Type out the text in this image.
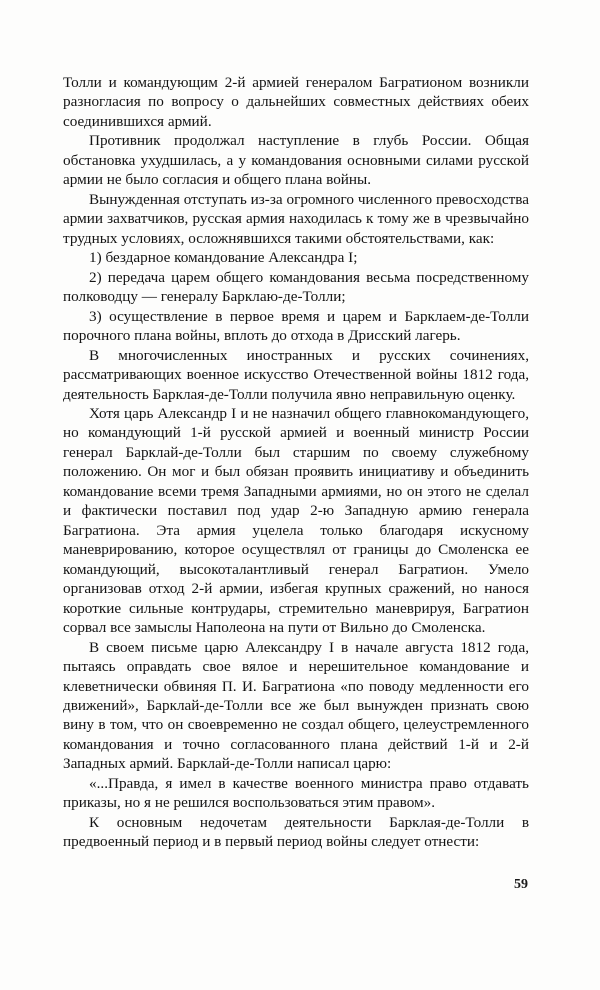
Толли и командующим 2-й армией генералом Багратионом возникли разногласия по вопросу о дальнейших совместных действиях обеих соединившихся армий.

Противник продолжал наступление в глубь России. Общая обстановка ухудшилась, а у командования основными силами русской армии не было согласия и общего плана войны.

Вынужденная отступать из-за огромного численного превосходства армии захватчиков, русская армия находилась к тому же в чрезвычайно трудных условиях, осложнявшихся такими обстоятельствами, как:

1) бездарное командование Александра I;

2) передача царем общего командования весьма посредственному полководцу — генералу Барклаю-де-Толли;

3) осуществление в первое время и царем и Барклаем-де-Толли порочного плана войны, вплоть до отхода в Дрисский лагерь.

В многочисленных иностранных и русских сочинениях, рассматривающих военное искусство Отечественной войны 1812 года, деятельность Барклая-де-Толли получила явно неправильную оценку.

Хотя царь Александр I и не назначил общего главнокомандующего, но командующий 1-й русской армией и военный министр России генерал Барклай-де-Толли был старшим по своему служебному положению. Он мог и был обязан проявить инициативу и объединить командование всеми тремя Западными армиями, но он этого не сделал и фактически поставил под удар 2-ю Западную армию генерала Багратиона. Эта армия уцелела только благодаря искусному маневрированию, которое осуществлял от границы до Смоленска ее командующий, высокоталантливый генерал Багратион. Умело организовав отход 2-й армии, избегая крупных сражений, но нанося короткие сильные контрудары, стремительно маневрируя, Багратион сорвал все замыслы Наполеона на пути от Вильно до Смоленска.

В своем письме царю Александру I в начале августа 1812 года, пытаясь оправдать свое вялое и нерешительное командование и клеветнически обвиняя П. И. Багратиона «по поводу медленности его движений», Барклай-де-Толли все же был вынужден признать свою вину в том, что он своевременно не создал общего, целеустремленного командования и точно согласованного плана действий 1-й и 2-й Западных армий. Барклай-де-Толли написал царю:

«...Правда, я имел в качестве военного министра право отдавать приказы, но я не решился воспользоваться этим правом».

К основным недочетам деятельности Барклая-де-Толли в предвоенный период и в первый период войны следует отнести:

59
